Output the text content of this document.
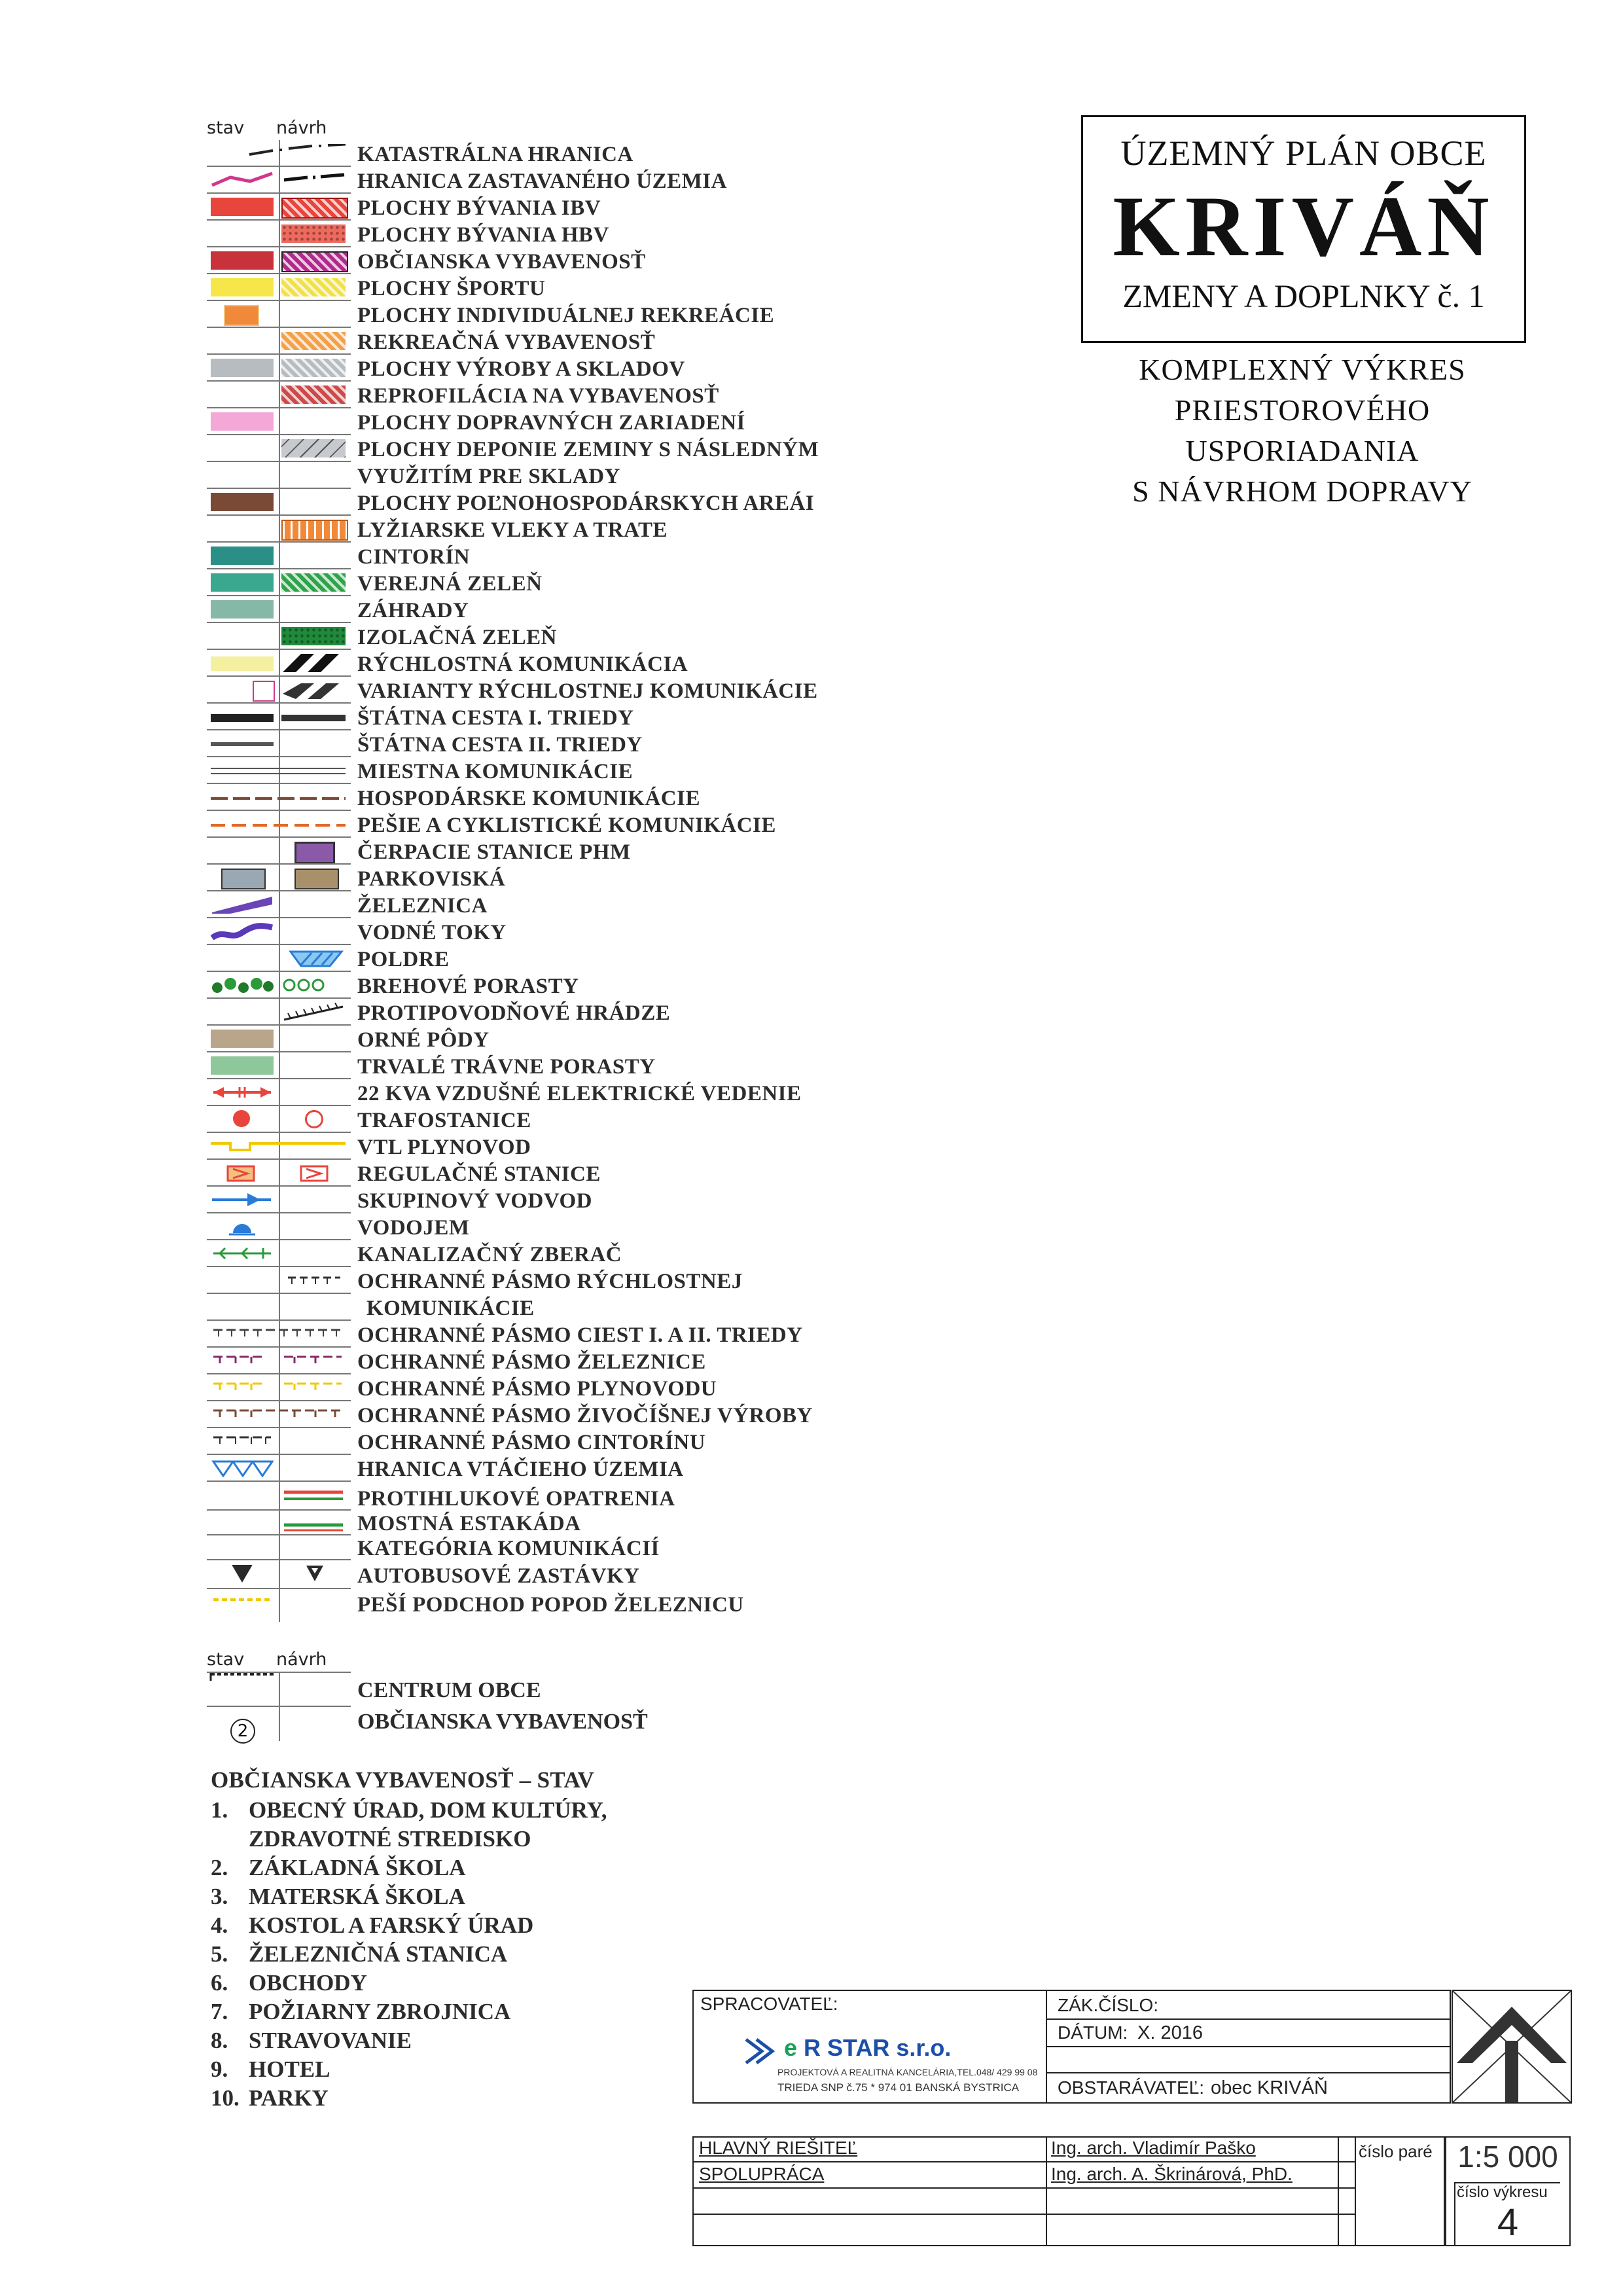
stav návrh
KATASTRÁLNA HRANICA
HRANICA ZASTAVANÉHO ÚZEMIA
PLOCHY BÝVANIA IBV
PLOCHY BÝVANIA HBV
OBČIANSKA VYBAVENOSŤ
PLOCHY ŠPORTU
PLOCHY INDIVIDUÁLNEJ REKREÁCIE
REKREAČNÁ VYBAVENOSŤ
PLOCHY VÝROBY A SKLADOV
REPROFILÁCIA NA VYBAVENOSŤ
PLOCHY DOPRAVNÝCH ZARIADENÍ
PLOCHY DEPONIE ZEMINY S NÁSLEDNÝM
VYUŽITÍM PRE SKLADY
PLOCHY POĽNOHOSPODÁRSKYCH AREÁI
LYŽIARSKE VLEKY A TRATE
CINTORÍN
VEREJNÁ ZELEŇ
ZÁHRADY
IZOLAČNÁ ZELEŇ
RÝCHLOSTNÁ KOMUNIKÁCIA
VARIANTY RÝCHLOSTNEJ KOMUNIKÁCIE
ŠTÁTNA CESTA I. TRIEDY
ŠTÁTNA CESTA II. TRIEDY
MIESTNA KOMUNIKÁCIE
HOSPODÁRSKE KOMUNIKÁCIE
PEŠIE A CYKLISTICKÉ KOMUNIKÁCIE
ČERPACIE STANICE PHM
PARKOVISKÁ
ŽELEZNICA
VODNÉ TOKY
POLDRE
BREHOVÉ PORASTY
PROTIPOVODŇOVÉ HRÁDZE
ORNÉ PÔDY
TRVALÉ TRÁVNE PORASTY
22 KVA VZDUŠNÉ ELEKTRICKÉ VEDENIE
TRAFOSTANICE
VTL PLYNOVOD
REGULAČNÉ STANICE
SKUPINOVÝ VODVOD
VODOJEM
KANALIZAČNÝ ZBERAČ
OCHRANNÉ PÁSMO RÝCHLOSTNEJ
KOMUNIKÁCIE
OCHRANNÉ PÁSMO CIEST I. A II. TRIEDY
OCHRANNÉ PÁSMO ŽELEZNICE
OCHRANNÉ PÁSMO PLYNOVODU
OCHRANNÉ PÁSMO ŽIVOČÍŠNEJ VÝROBY
OCHRANNÉ PÁSMO CINTORÍNU
HRANICA VTÁČIEHO ÚZEMIA
PROTIHLUKOVÉ OPATRENIA
MOSTNÁ ESTAKÁDA
KATEGÓRIA KOMUNIKÁCIÍ
AUTOBUSOVÉ ZASTÁVKY
PEŠÍ PODCHOD POPOD ŽELEZNICU
stav návrh
2
CENTRUM OBCE
OBČIANSKA VYBAVENOSŤ
OBČIANSKA VYBAVENOSŤ – STAV
1. OBECNÝ ÚRAD, DOM KULTÚRY,
ZDRAVOTNÉ STREDISKO
2. ZÁKLADNÁ ŠKOLA
3. MATERSKÁ ŠKOLA
4. KOSTOL A FARSKÝ ÚRAD
5. ŽELEZNIČNÁ STANICA
6. OBCHODY
7. POŽIARNY ZBROJNICA
8. STRAVOVANIE
9. HOTEL
10. PARKY
ÚZEMNÝ PLÁN OBCE
KRIVÁŇ
ZMENY A DOPLNKY č. 1
KOMPLEXNÝ VÝKRES
PRIESTOROVÉHO
USPORIADANIA
S NÁVRHOM DOPRAVY
SPRACOVATEĽ:
e R STAR s.r.o.
PROJEKTOVÁ A REALITNÁ KANCELÁRIA,TEL.048/ 429 99 08
TRIEDA SNP č.75 * 974 01 BANSKÁ BYSTRICA
ZÁK.ČÍSLO:
DÁTUM: X. 2016
OBSTARÁVATEĽ: obec KRIVÁŇ
HLAVNÝ RIEŠITEĽ	Ing. arch. Vladimír Paško
SPOLUPRÁCA	Ing. arch. A. Škrinárová, PhD.
číslo paré 1:5 000
číslo výkresu
4
